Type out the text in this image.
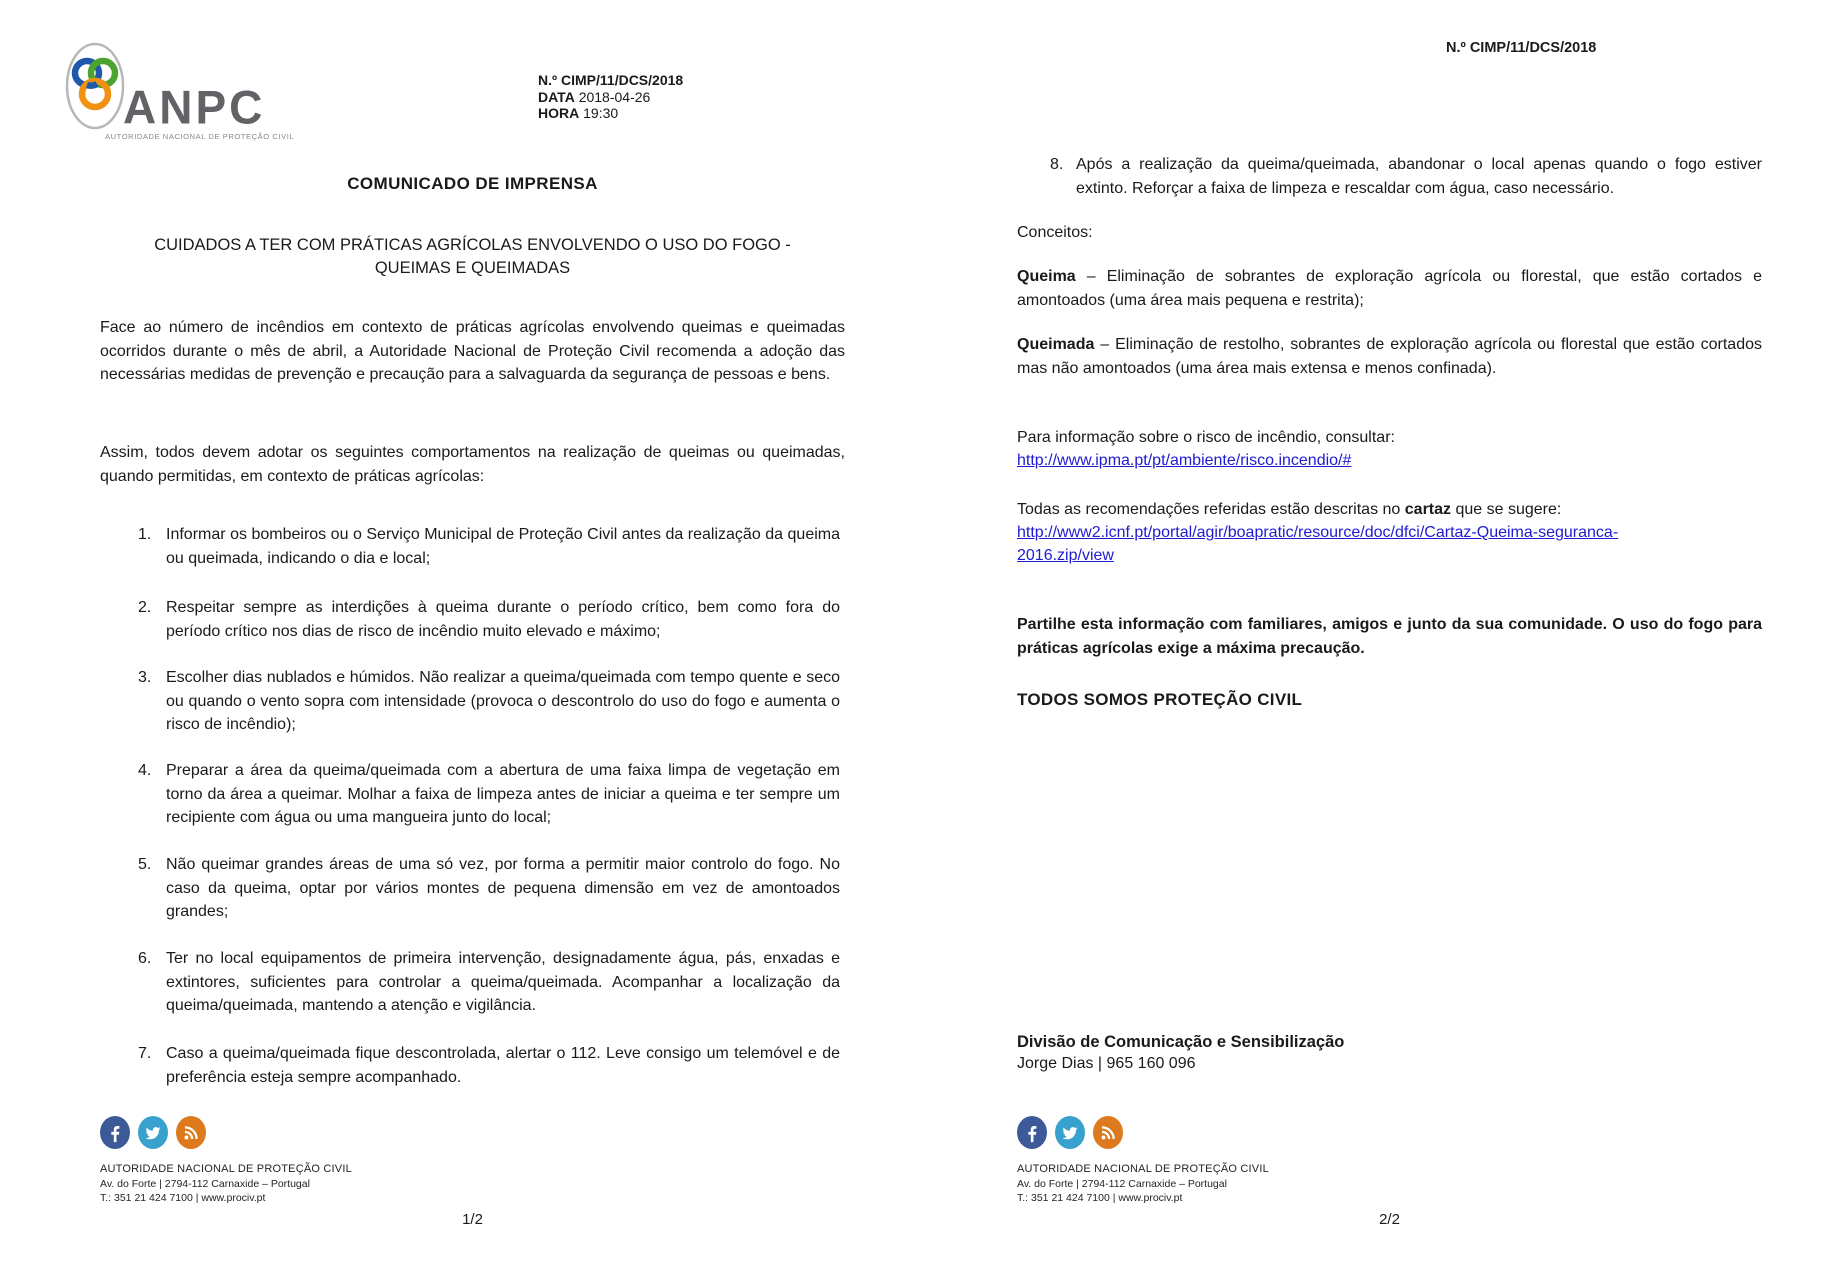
ANPC
AUTORIDADE NACIONAL DE PROTEÇÃO CIVIL
N.º CIMP/11/DCS/2018
DATA 2018-04-26
HORA 19:30
COMUNICADO DE IMPRENSA
CUIDADOS A TER COM PRÁTICAS AGRÍCOLAS ENVOLVENDO O USO DO FOGO -
QUEIMAS E QUEIMADAS
Face ao número de incêndios em contexto de práticas agrícolas envolvendo queimas e queimadas ocorridos durante o mês de abril, a Autoridade Nacional de Proteção Civil recomenda a adoção das necessárias medidas de prevenção e precaução para a salvaguarda da segurança de pessoas e bens.
Assim, todos devem adotar os seguintes comportamentos na realização de queimas ou queimadas, quando permitidas, em contexto de práticas agrícolas:
1. Informar os bombeiros ou o Serviço Municipal de Proteção Civil antes da realização da queima ou queimada, indicando o dia e local;
2. Respeitar sempre as interdições à queima durante o período crítico, bem como fora do período crítico nos dias de risco de incêndio muito elevado e máximo;
3. Escolher dias nublados e húmidos. Não realizar a queima/queimada com tempo quente e seco ou quando o vento sopra com intensidade (provoca o descontrolo do uso do fogo e aumenta o risco de incêndio);
4. Preparar a área da queima/queimada com a abertura de uma faixa limpa de vegetação em torno da área a queimar. Molhar a faixa de limpeza antes de iniciar a queima e ter sempre um recipiente com água ou uma mangueira junto do local;
5. Não queimar grandes áreas de uma só vez, por forma a permitir maior controlo do fogo. No caso da queima, optar por vários montes de pequena dimensão em vez de amontoados grandes;
6. Ter no local equipamentos de primeira intervenção, designadamente água, pás, enxadas e extintores, suficientes para controlar a queima/queimada. Acompanhar a localização da queima/queimada, mantendo a atenção e vigilância.
7. Caso a queima/queimada fique descontrolada, alertar o 112. Leve consigo um telemóvel e de preferência esteja sempre acompanhado.
AUTORIDADE NACIONAL DE PROTEÇÃO CIVIL
Av. do Forte | 2794-112 Carnaxide – Portugal
T.: 351 21 424 7100 | www.prociv.pt
1/2
N.º CIMP/11/DCS/2018
8. Após a realização da queima/queimada, abandonar o local apenas quando o fogo estiver extinto. Reforçar a faixa de limpeza e rescaldar com água, caso necessário.
Conceitos:
Queima – Eliminação de sobrantes de exploração agrícola ou florestal, que estão cortados e amontoados (uma área mais pequena e restrita);
Queimada – Eliminação de restolho, sobrantes de exploração agrícola ou florestal que estão cortados mas não amontoados (uma área mais extensa e menos confinada).
Para informação sobre o risco de incêndio, consultar:
http://www.ipma.pt/pt/ambiente/risco.incendio/#
Todas as recomendações referidas estão descritas no cartaz que se sugere:
http://www2.icnf.pt/portal/agir/boapratic/resource/doc/dfci/Cartaz-Queima-seguranca-
2016.zip/view
Partilhe esta informação com familiares, amigos e junto da sua comunidade. O uso do fogo para práticas agrícolas exige a máxima precaução.
TODOS SOMOS PROTEÇÃO CIVIL
Divisão de Comunicação e Sensibilização
Jorge Dias | 965 160 096
AUTORIDADE NACIONAL DE PROTEÇÃO CIVIL
Av. do Forte | 2794-112 Carnaxide – Portugal
T.: 351 21 424 7100 | www.prociv.pt
2/2
